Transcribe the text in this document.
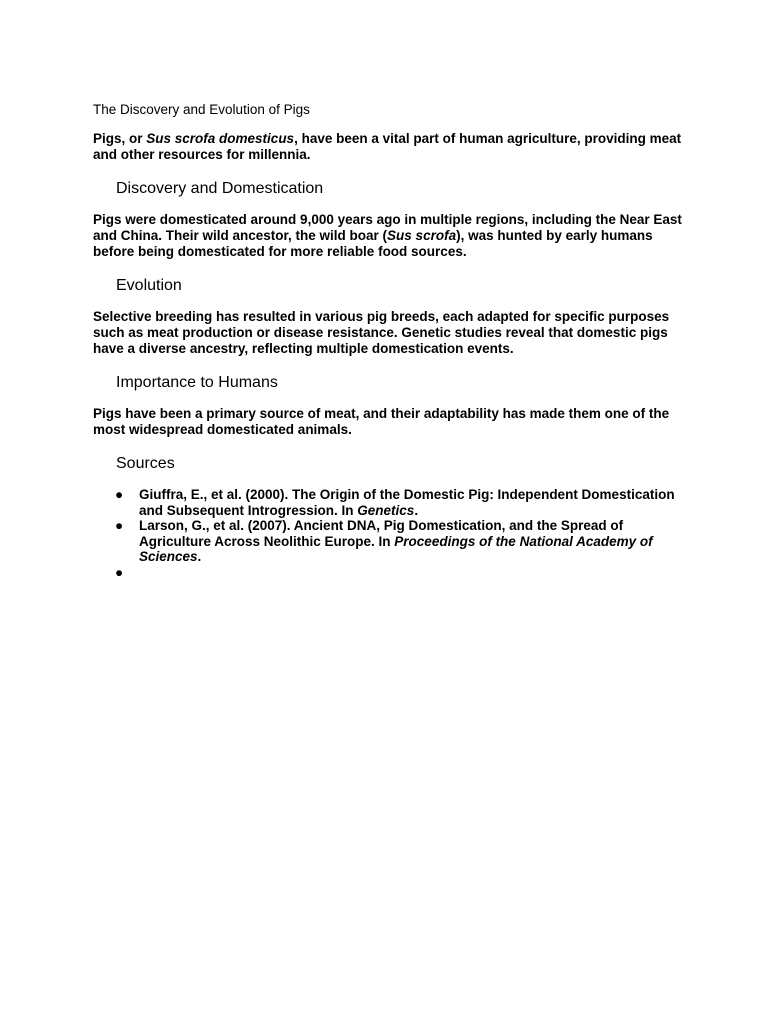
The Discovery and Evolution of Pigs

Pigs, or Sus scrofa domesticus, have been a vital part of human agriculture, providing meat and other resources for millennia.

Discovery and Domestication

Pigs were domesticated around 9,000 years ago in multiple regions, including the Near East and China. Their wild ancestor, the wild boar (Sus scrofa), was hunted by early humans before being domesticated for more reliable food sources.

Evolution

Selective breeding has resulted in various pig breeds, each adapted for specific purposes such as meat production or disease resistance. Genetic studies reveal that domestic pigs have a diverse ancestry, reflecting multiple domestication events.

Importance to Humans

Pigs have been a primary source of meat, and their adaptability has made them one of the most widespread domesticated animals.

Sources
● Giuffra, E., et al. (2000). The Origin of the Domestic Pig: Independent Domestication and Subsequent Introgression. In Genetics.
● Larson, G., et al. (2007). Ancient DNA, Pig Domestication, and the Spread of Agriculture Across Neolithic Europe. In Proceedings of the National Academy of Sciences.
●
